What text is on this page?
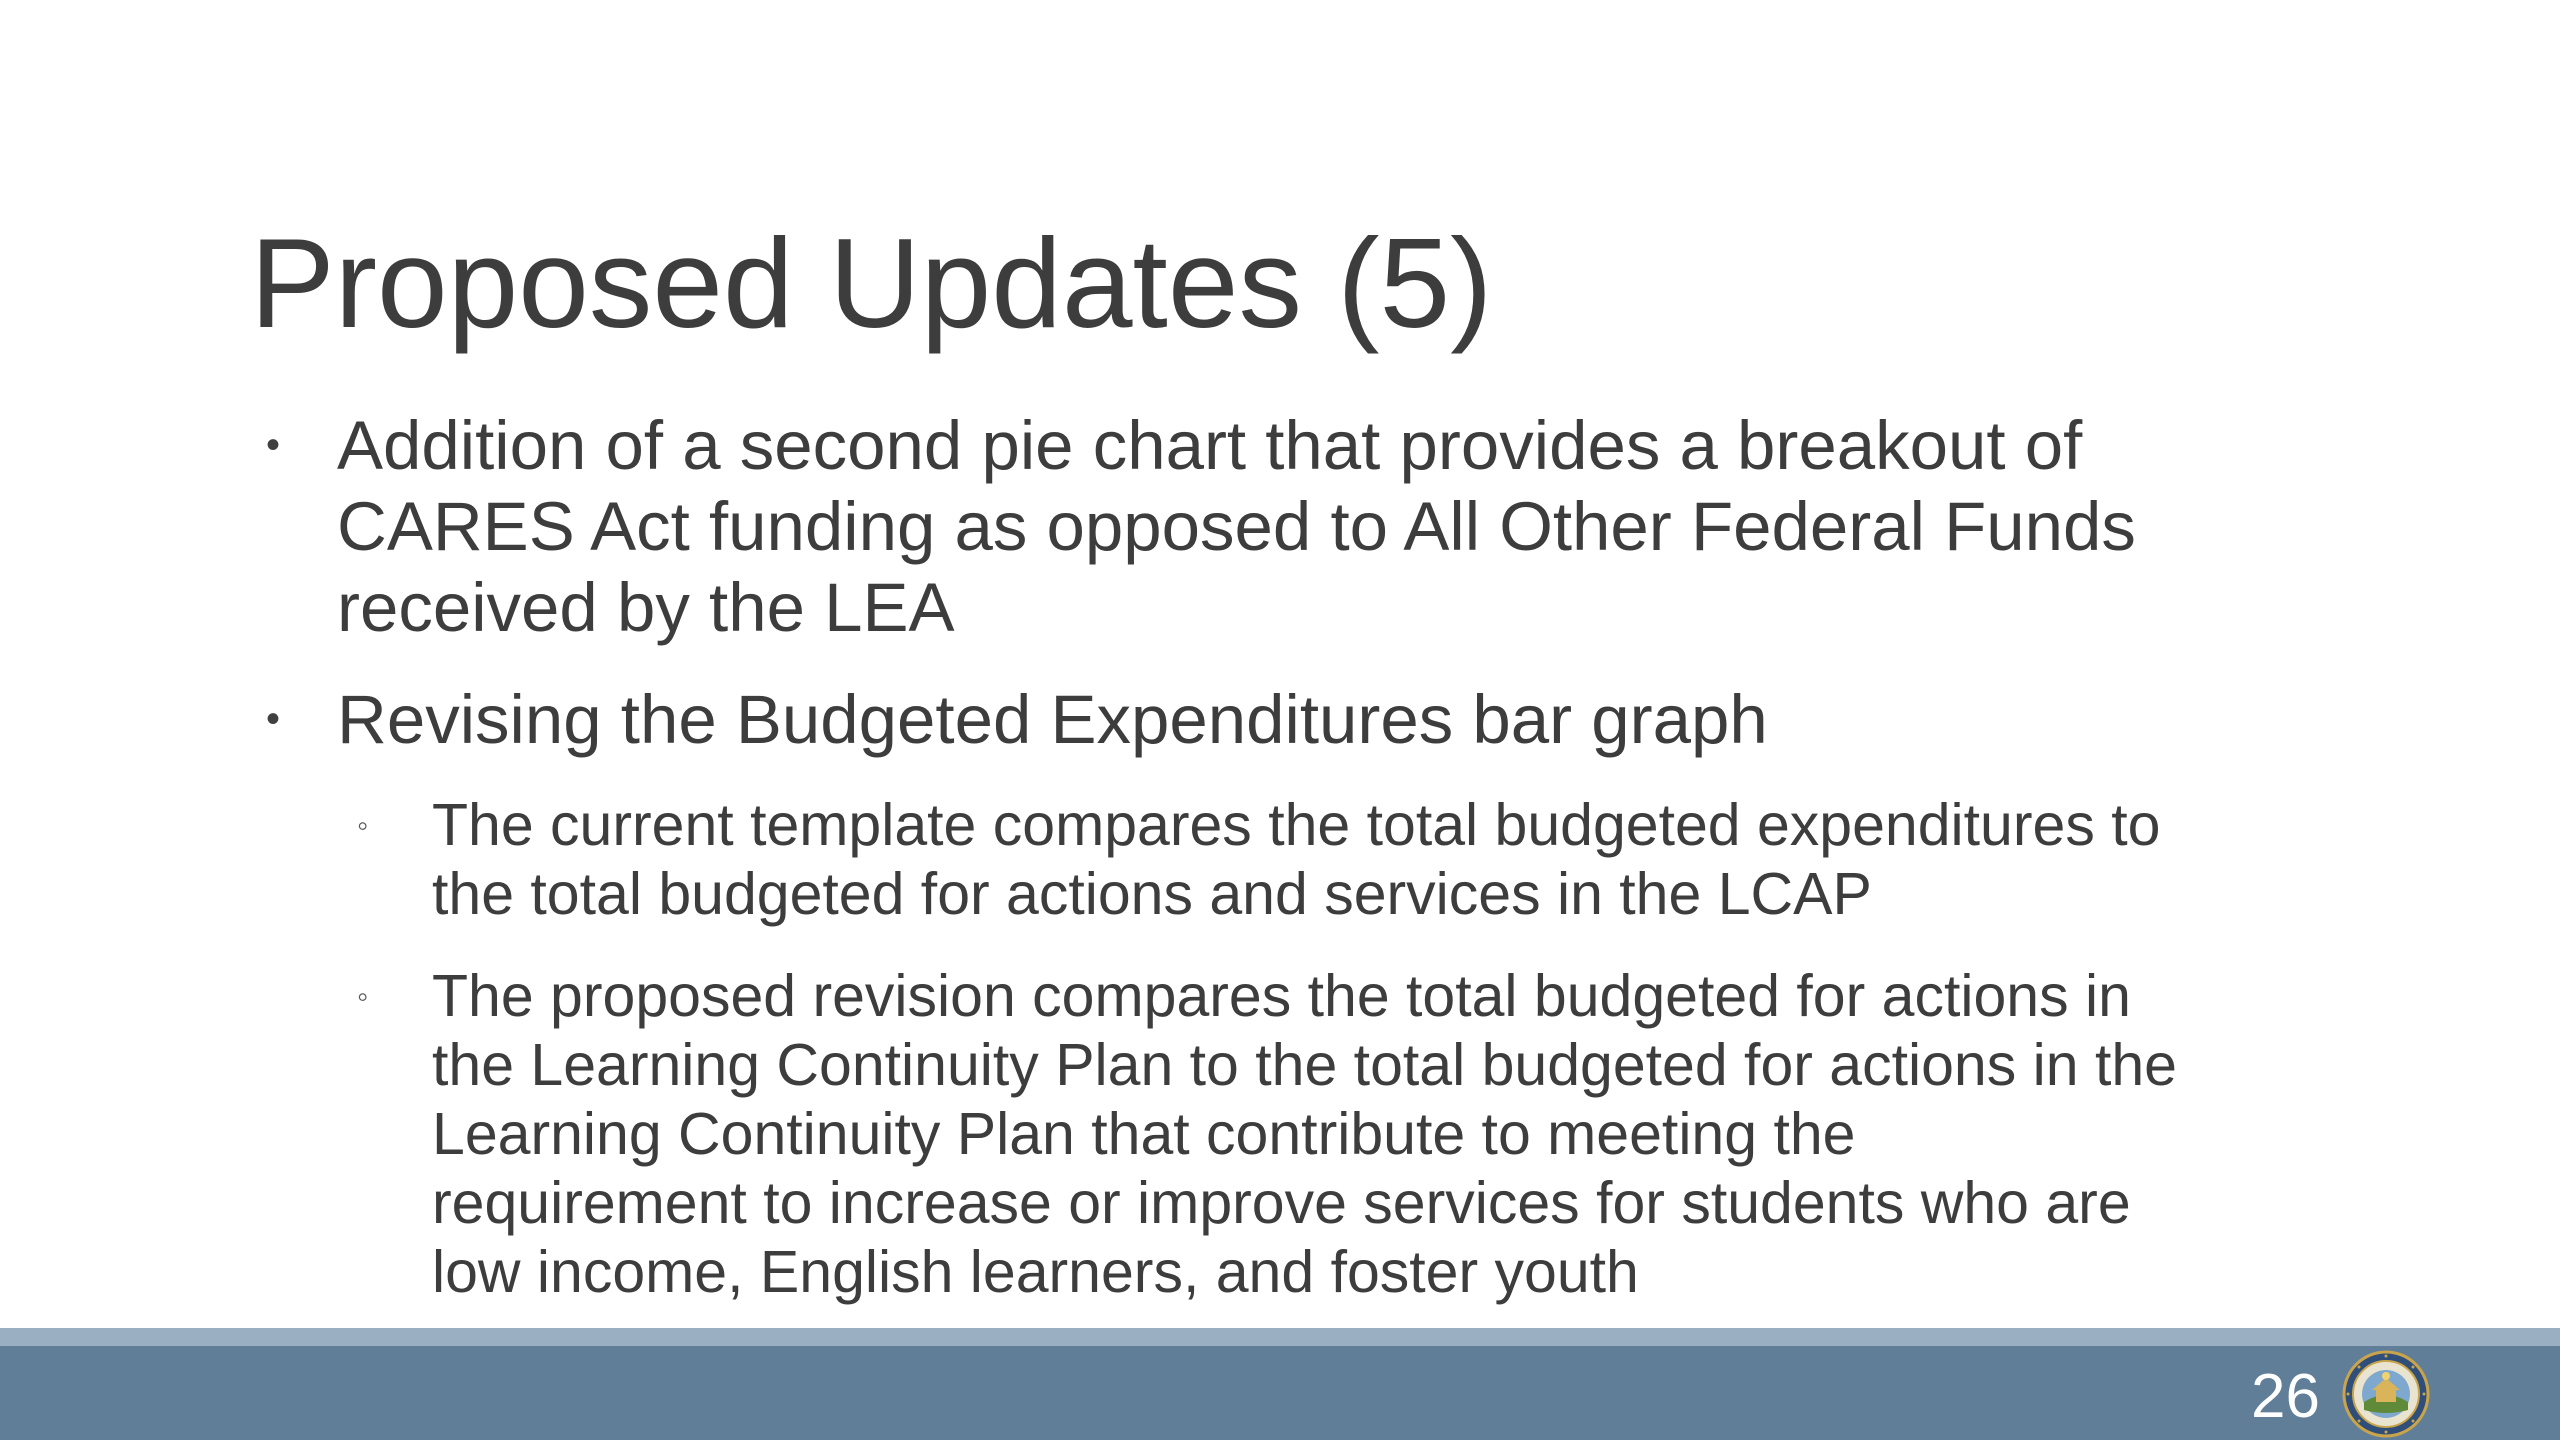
Proposed Updates (5)
• Addition of a second pie chart that provides a breakout of
CARES Act funding as opposed to All Other Federal Funds
received by the LEA
• Revising the Budgeted Expenditures bar graph
◦ The current template compares the total budgeted expenditures to
the total budgeted for actions and services in the LCAP
◦ The proposed revision compares the total budgeted for actions in
the Learning Continuity Plan to the total budgeted for actions in the
Learning Continuity Plan that contribute to meeting the
requirement to increase or improve services for students who are
low income, English learners, and foster youth
26
